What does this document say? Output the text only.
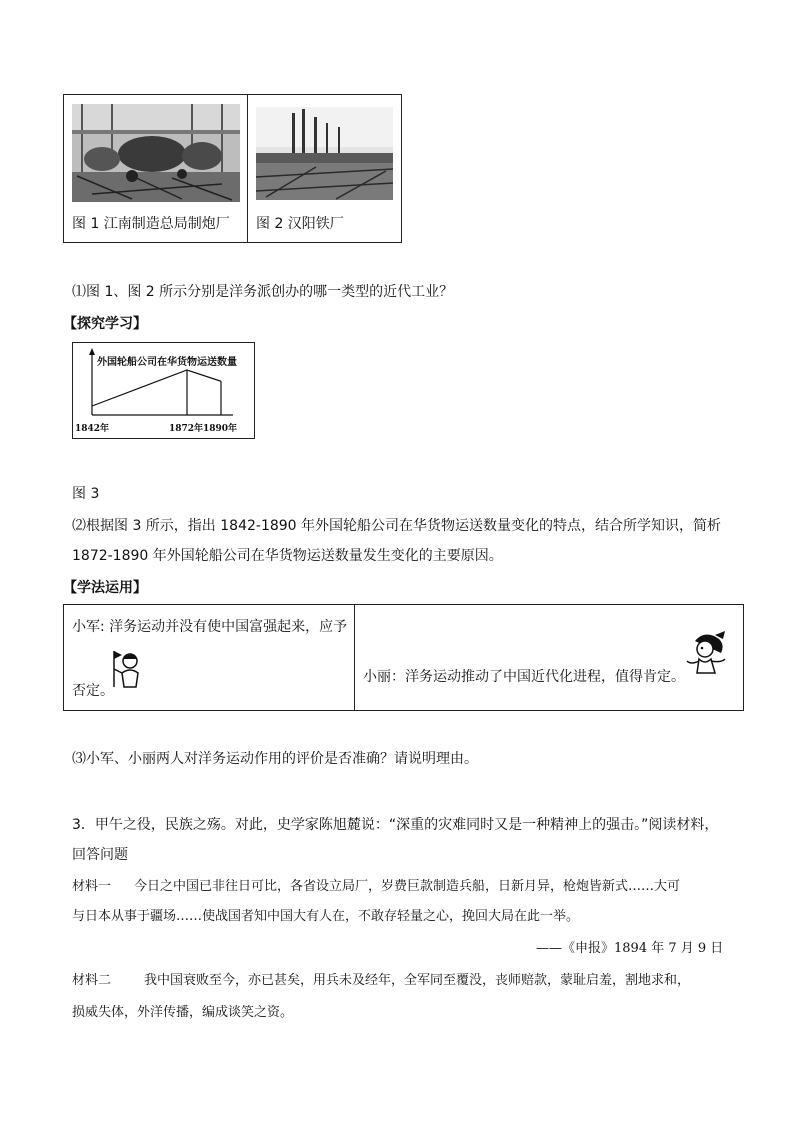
图 1 江南制造总局制炮厂 图 2 汉阳铁厂
⑴图 1、图 2 所示分别是洋务派创办的哪一类型的近代工业？
【探究学习】
外国轮船公司在华货物运送数量
1842年	1872年 1890年
图 3
⑵根据图 3 所示，指出 1842-1890 年外国轮船公司在华货物运送数量变化的特点，结合所学知识，简析
1872-1890 年外国轮船公司在华货物运送数量发生变化的主要原因。
【学法运用】
小军: 洋务运动并没有使中国富强起来，应予
否定。
小丽：洋务运动推动了中国近代化进程，值得肯定。
⑶小军、小丽两人对洋务运动作用的评价是否准确？请说明理由。
3．甲午之役，民族之殇。对此，史学家陈旭麓说：“深重的灾难同时又是一种精神上的强击。”阅读材料，
回答问题
材料一 今日之中国已非往日可比，各省设立局厂，岁费巨款制造兵船，日新月异，枪炮皆新式……大可
与日本从事于疆场……使战国者知中国大有人在，不敢存轻量之心，挽回大局在此一举。
——《申报》1894 年 7 月 9 日
材料二	我中国衰败至今，亦已甚矣，用兵未及经年，全军同至覆没，丧师赔款，蒙耻启羞，割地求和，
损威失体，外洋传播，编成谈笑之资。
